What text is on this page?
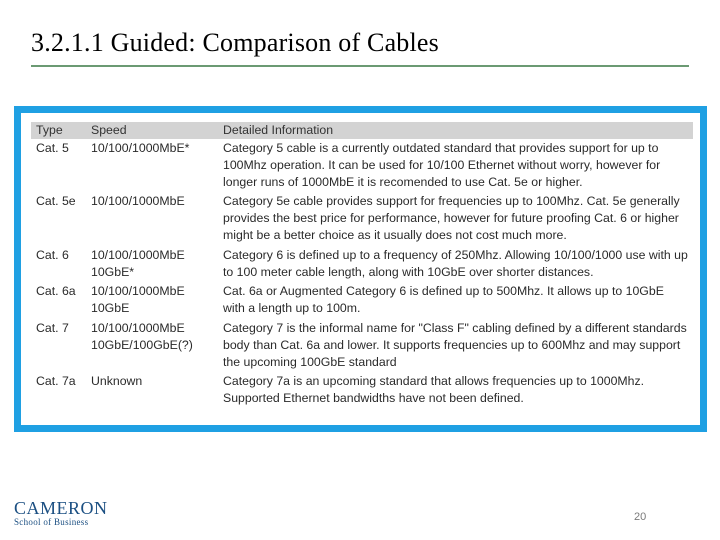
3.2.1.1 Guided: Comparison of Cables
Type	Speed	Detailed Information
Cat. 5	10/100/1000MbE*	Category 5 cable is a currently outdated standard that provides support for up to 100Mhz operation. It can be used for 10/100 Ethernet without worry, however for longer runs of 1000MbE it is recomended to use Cat. 5e or higher.
Cat. 5e	10/100/1000MbE	Category 5e cable provides support for frequencies up to 100Mhz. Cat. 5e generally provides the best price for performance, however for future proofing Cat. 6 or higher might be a better choice as it usually does not cost much more.
Cat. 6	10/100/1000MbE 10GbE*	Category 6 is defined up to a frequency of 250Mhz. Allowing 10/100/1000 use with up to 100 meter cable length, along with 10GbE over shorter distances.
Cat. 6a	10/100/1000MbE 10GbE	Cat. 6a or Augmented Category 6 is defined up to 500Mhz. It allows up to 10GbE with a length up to 100m.
Cat. 7	10/100/1000MbE 10GbE/100GbE(?)	Category 7 is the informal name for "Class F" cabling defined by a different standards body than Cat. 6a and lower. It supports frequencies up to 600Mhz and may support the upcoming 100GbE standard
Cat. 7a	Unknown	Category 7a is an upcoming standard that allows frequencies up to 1000Mhz. Supported Ethernet bandwidths have not been defined.
CAMERON
School of Business	20
